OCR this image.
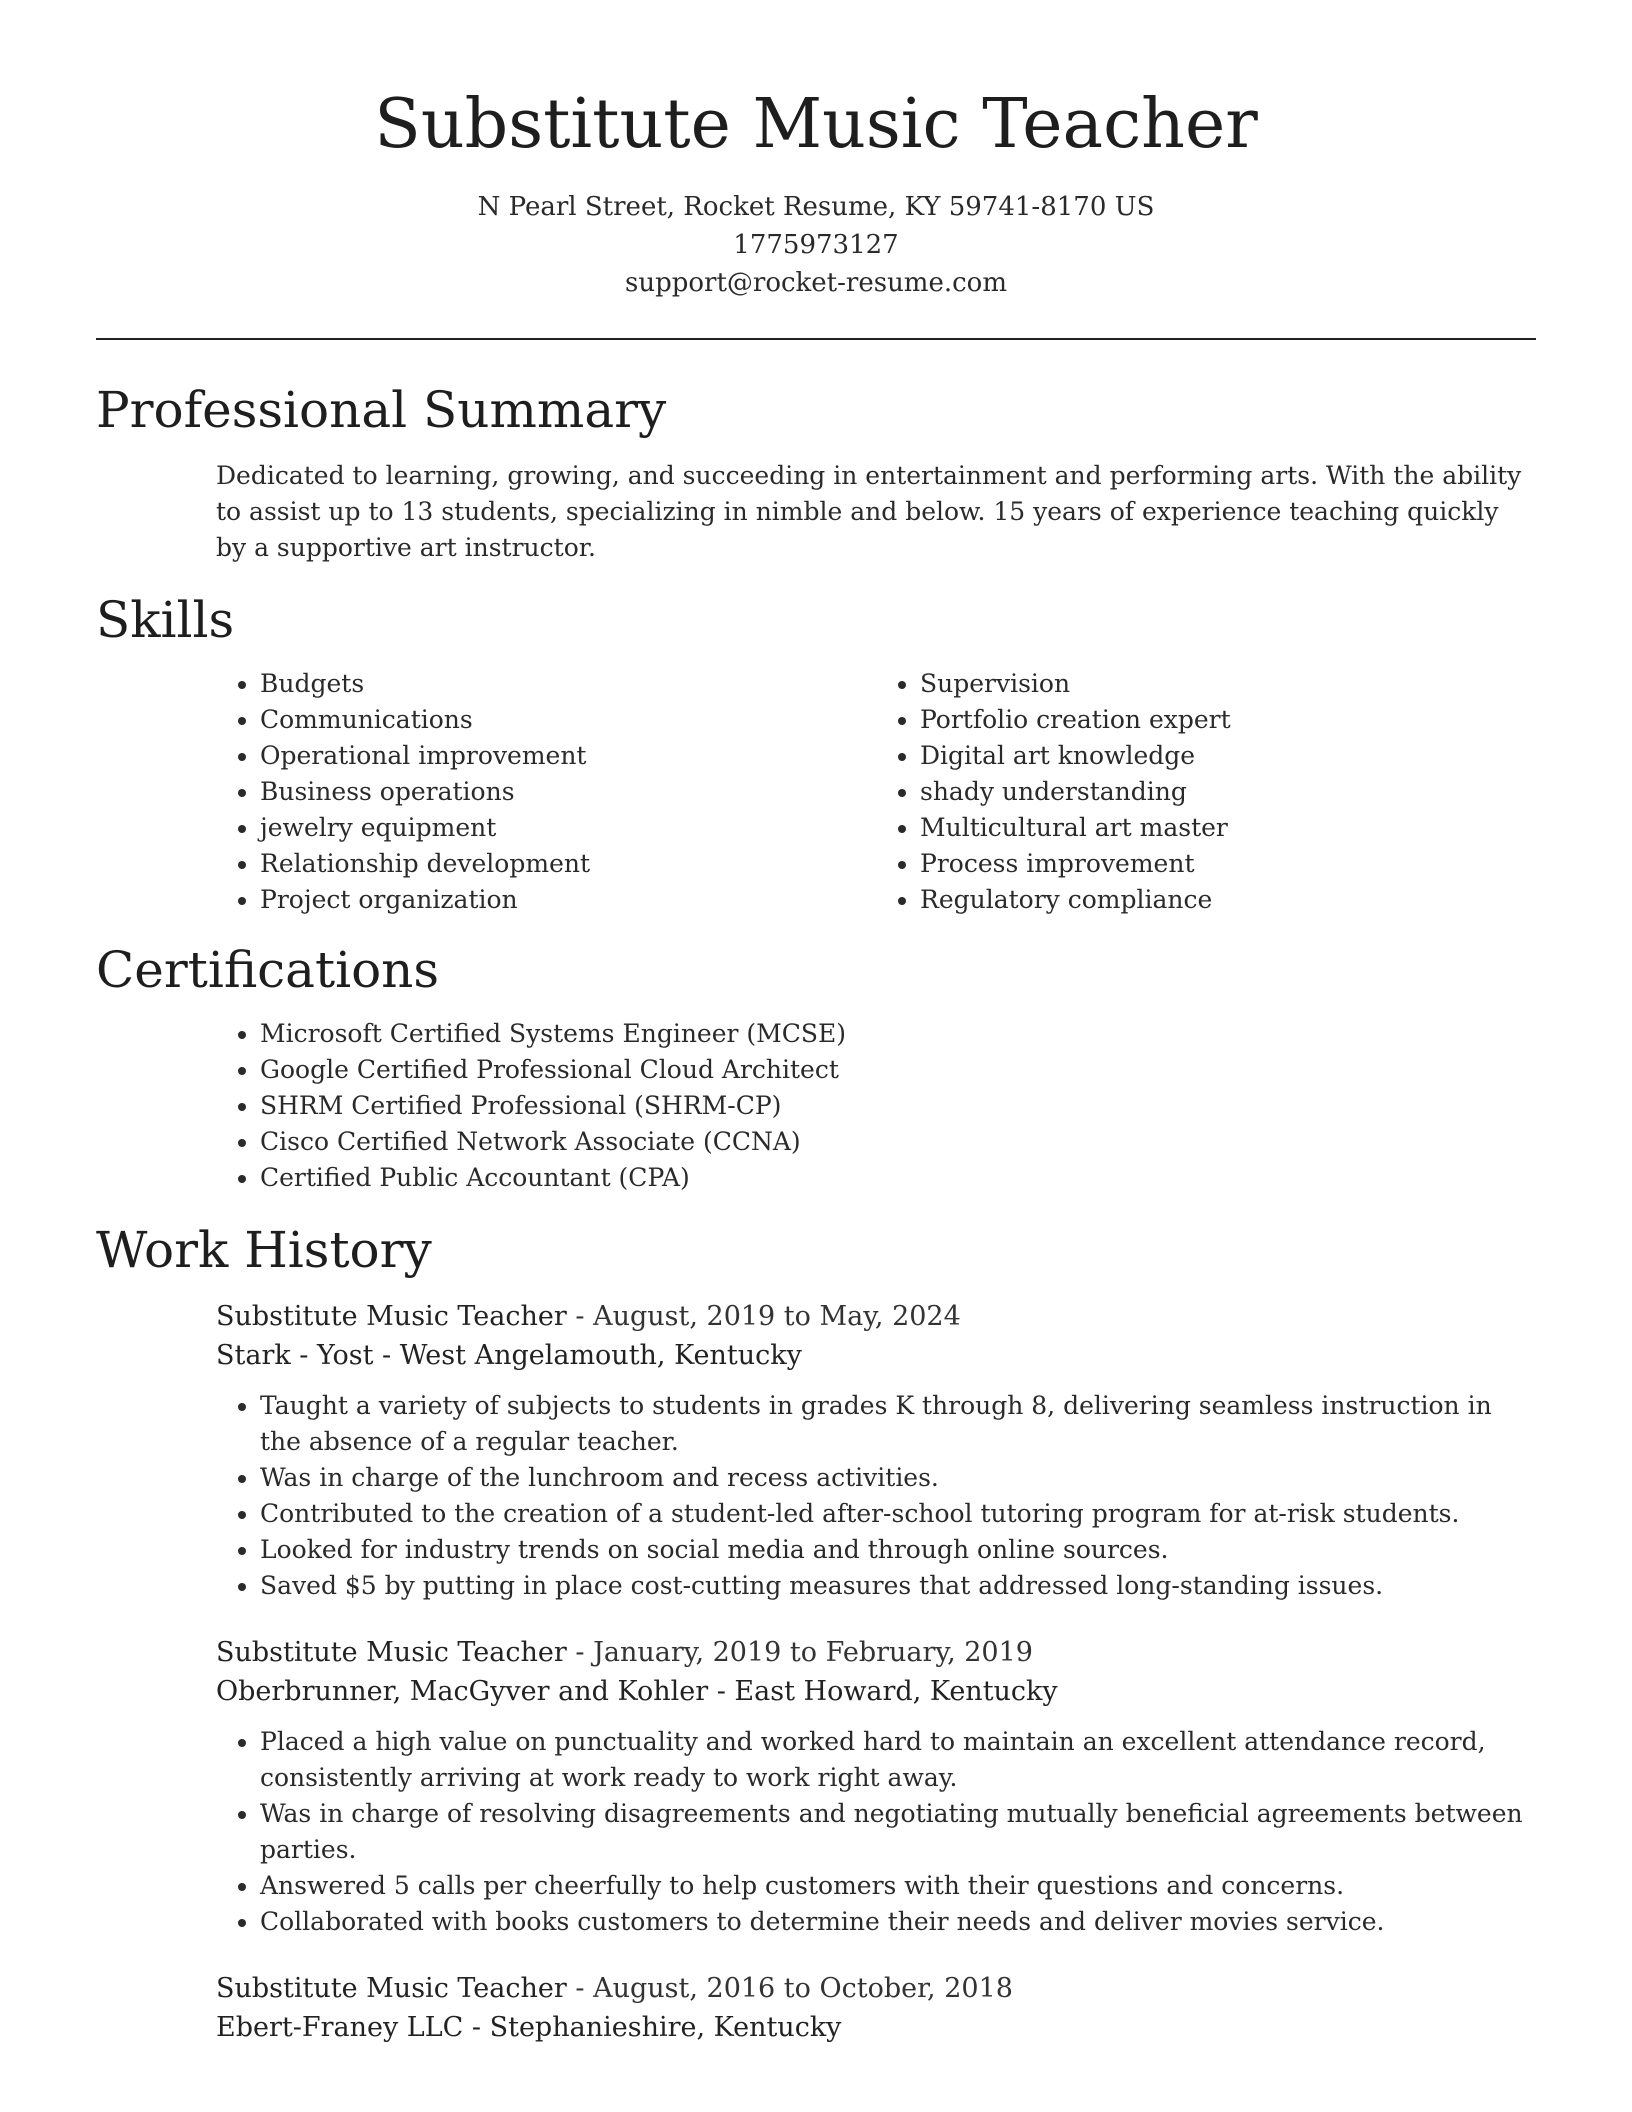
Substitute Music Teacher
N Pearl Street, Rocket Resume, KY 59741-8170 US
1775973127
support@rocket-resume.com
Professional Summary
Dedicated to learning, growing, and succeeding in entertainment and performing arts. With the ability to assist up to 13 students, specializing in nimble and below. 15 years of experience teaching quickly by a supportive art instructor.
Skills
• Budgets
• Communications
• Operational improvement
• Business operations
• jewelry equipment
• Relationship development
• Project organization
• Supervision
• Portfolio creation expert
• Digital art knowledge
• shady understanding
• Multicultural art master
• Process improvement
• Regulatory compliance
Certifications
• Microsoft Certified Systems Engineer (MCSE)
• Google Certified Professional Cloud Architect
• SHRM Certified Professional (SHRM-CP)
• Cisco Certified Network Associate (CCNA)
• Certified Public Accountant (CPA)
Work History
Substitute Music Teacher - August, 2019 to May, 2024
Stark - Yost - West Angelamouth, Kentucky
• Taught a variety of subjects to students in grades K through 8, delivering seamless instruction in the absence of a regular teacher.
• Was in charge of the lunchroom and recess activities.
• Contributed to the creation of a student-led after-school tutoring program for at-risk students.
• Looked for industry trends on social media and through online sources.
• Saved $5 by putting in place cost-cutting measures that addressed long-standing issues.
Substitute Music Teacher - January, 2019 to February, 2019
Oberbrunner, MacGyver and Kohler - East Howard, Kentucky
• Placed a high value on punctuality and worked hard to maintain an excellent attendance record, consistently arriving at work ready to work right away.
• Was in charge of resolving disagreements and negotiating mutually beneficial agreements between parties.
• Answered 5 calls per cheerfully to help customers with their questions and concerns.
• Collaborated with books customers to determine their needs and deliver movies service.
Substitute Music Teacher - August, 2016 to October, 2018
Ebert-Franey LLC - Stephanieshire, Kentucky
